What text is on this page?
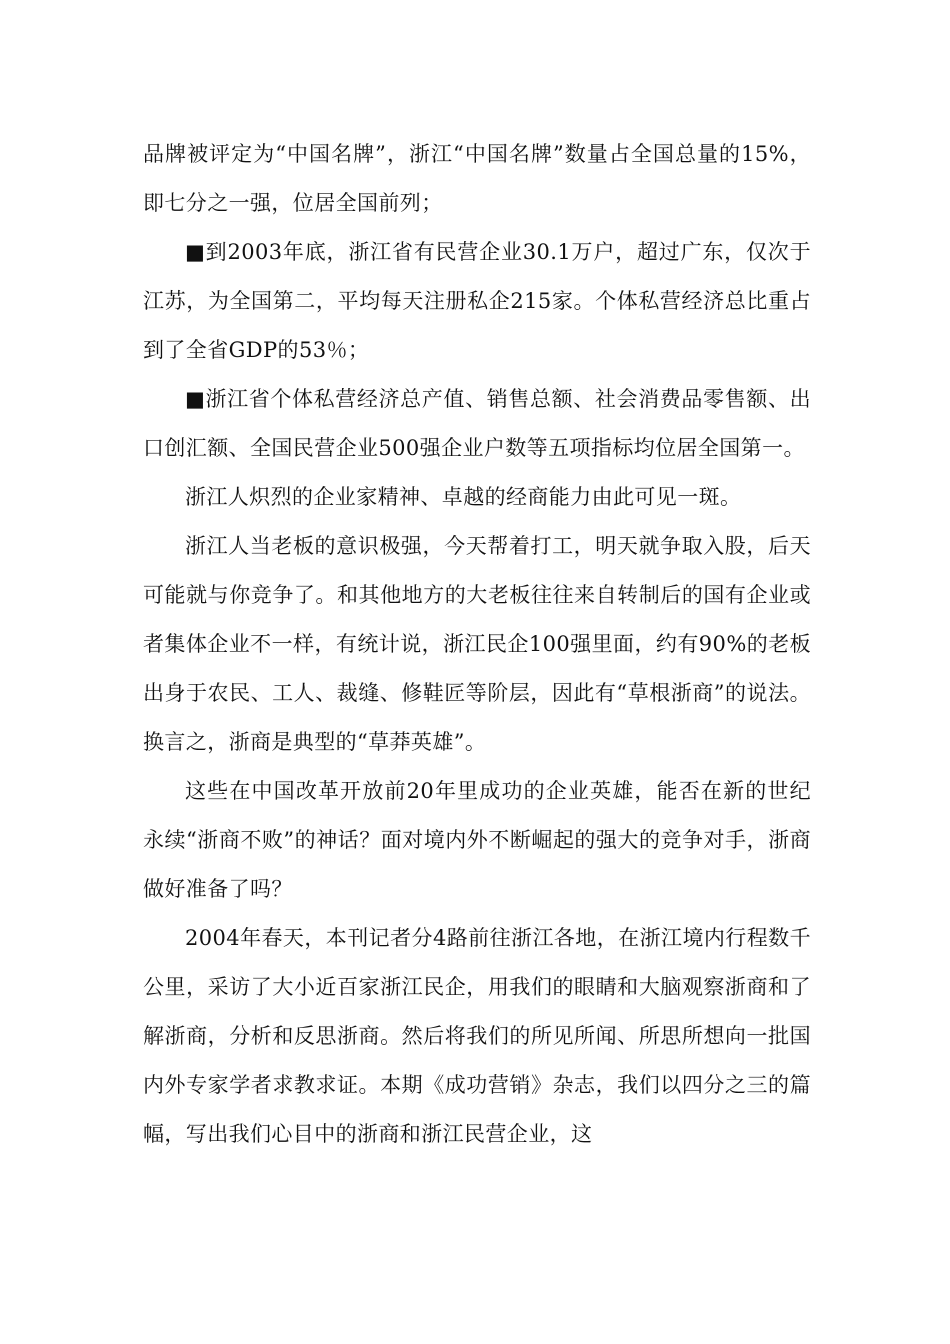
品牌被评定为“中国名牌”，浙江“中国名牌”数量占全国总量的15%，即七分之一强，位居全国前列；

■到2003年底，浙江省有民营企业30.1万户，超过广东，仅次于江苏，为全国第二，平均每天注册私企215家。个体私营经济总比重占到了全省GDP的53％；

■浙江省个体私营经济总产值、销售总额、社会消费品零售额、出口创汇额、全国民营企业500强企业户数等五项指标均位居全国第一。

浙江人炽烈的企业家精神、卓越的经商能力由此可见一斑。

浙江人当老板的意识极强，今天帮着打工，明天就争取入股，后天可能就与你竞争了。和其他地方的大老板往往来自转制后的国有企业或者集体企业不一样，有统计说，浙江民企100强里面，约有90%的老板出身于农民、工人、裁缝、修鞋匠等阶层，因此有“草根浙商”的说法。换言之，浙商是典型的“草莽英雄”。

这些在中国改革开放前20年里成功的企业英雄，能否在新的世纪永续“浙商不败”的神话？面对境内外不断崛起的强大的竞争对手，浙商做好准备了吗？

2004年春天，本刊记者分4路前往浙江各地，在浙江境内行程数千公里，采访了大小近百家浙江民企，用我们的眼睛和大脑观察浙商和了解浙商，分析和反思浙商。然后将我们的所见所闻、所思所想向一批国内外专家学者求教求证。本期《成功营销》杂志，我们以四分之三的篇幅，写出我们心目中的浙商和浙江民营企业，这
